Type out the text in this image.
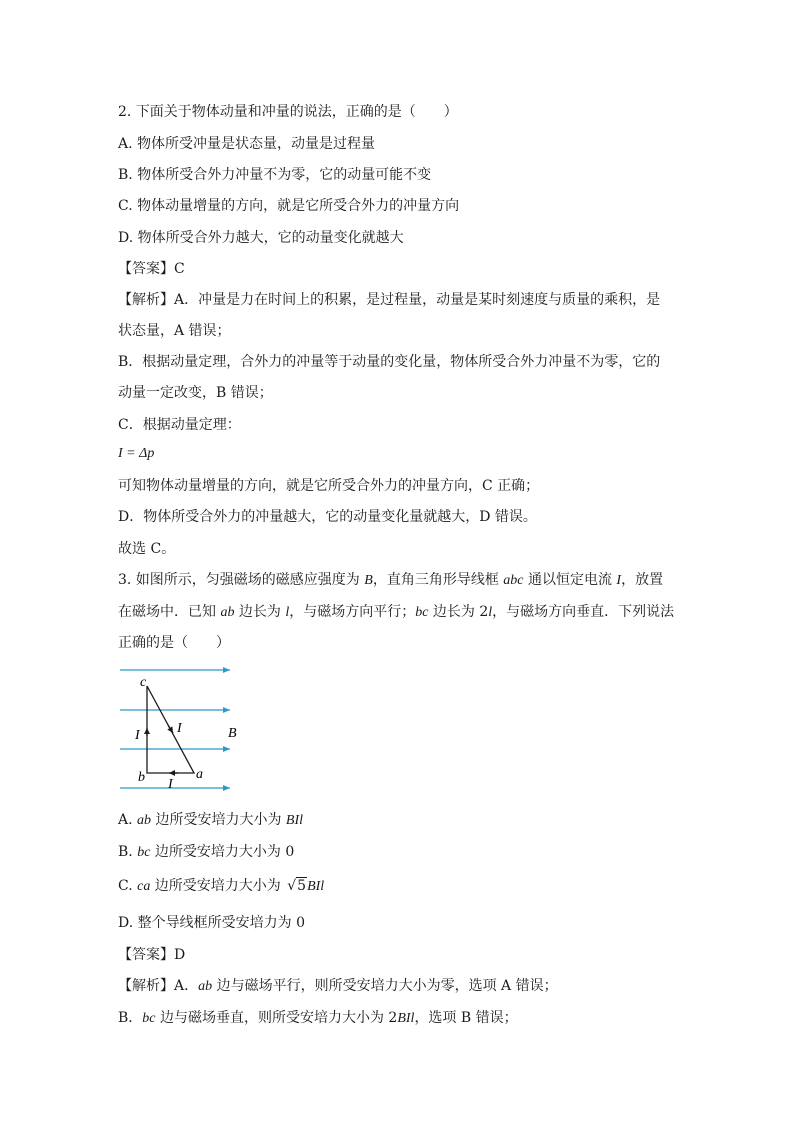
2. 下面关于物体动量和冲量的说法，正确的是（　　）
A. 物体所受冲量是状态量，动量是过程量
B. 物体所受合外力冲量不为零，它的动量可能不变
C. 物体动量增量的方向，就是它所受合外力的冲量方向
D. 物体所受合外力越大，它的动量变化就越大
【答案】C
【解析】A．冲量是力在时间上的积累，是过程量，动量是某时刻速度与质量的乘积，是
状态量，A 错误；
B．根据动量定理，合外力的冲量等于动量的变化量，物体所受合外力冲量不为零，它的
动量一定改变，B 错误；
C．根据动量定理：
I = Δp
可知物体动量增量的方向，就是它所受合外力的冲量方向，C 正确；
D．物体所受合外力的冲量越大，它的动量变化量就越大，D 错误。
故选 C。
3. 如图所示，匀强磁场的磁感应强度为 B，直角三角形导线框 abc 通以恒定电流 I，放置
在磁场中．已知 ab 边长为 l，与磁场方向平行；bc 边长为 2l，与磁场方向垂直．下列说法
正确的是（　　）
c
b	a
I
I
I
B
A. ab 边所受安培力大小为 BIl
B. bc 边所受安培力大小为 0
C. ca 边所受安培力大小为 √5BIl
D. 整个导线框所受安培力为 0
【答案】D
【解析】A．ab 边与磁场平行，则所受安培力大小为零，选项 A 错误；
B．bc 边与磁场垂直，则所受安培力大小为 2BIl，选项 B 错误；
